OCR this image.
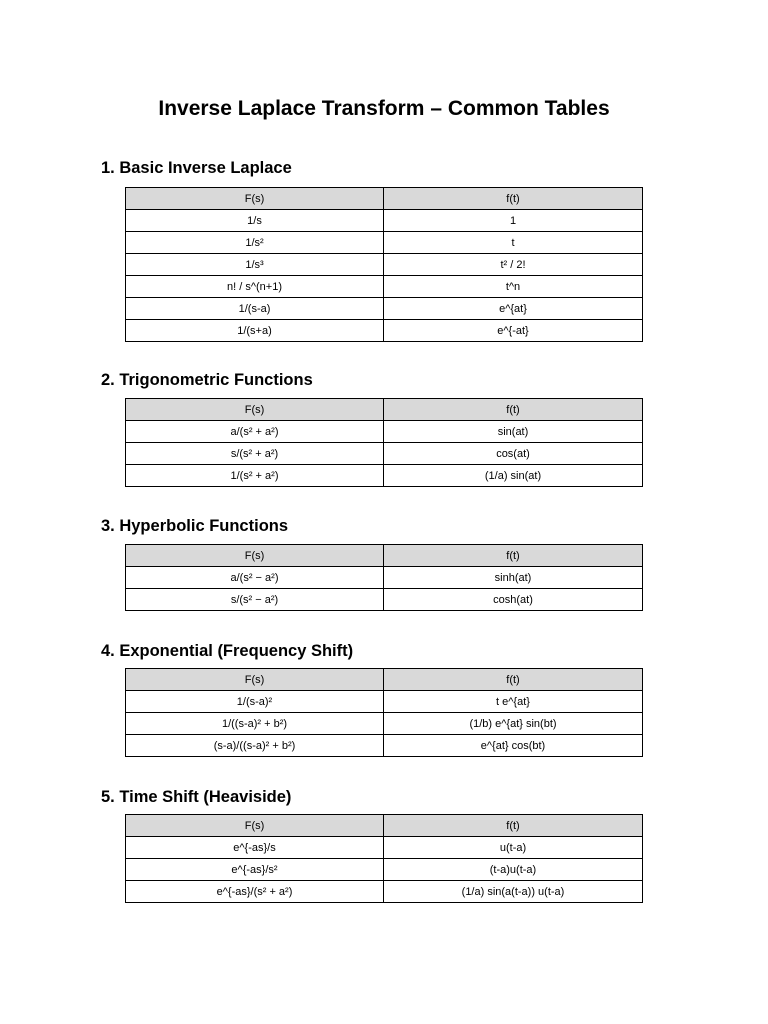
Inverse Laplace Transform – Common Tables
1. Basic Inverse Laplace
F(s)	f(t)
1/s	1
1/s²	t
1/s³	t² / 2!
n! / s^(n+1)	t^n
1/(s-a)	e^{at}
1/(s+a)	e^{-at}
2. Trigonometric Functions
F(s)	f(t)
a/(s² + a²)	sin(at)
s/(s² + a²)	cos(at)
1/(s² + a²)	(1/a) sin(at)
3. Hyperbolic Functions
F(s)	f(t)
a/(s² − a²)	sinh(at)
s/(s² − a²)	cosh(at)
4. Exponential (Frequency Shift)
F(s)	f(t)
1/(s-a)²	t e^{at}
1/((s-a)² + b²)	(1/b) e^{at} sin(bt)
(s-a)/((s-a)² + b²)	e^{at} cos(bt)
5. Time Shift (Heaviside)
F(s)	f(t)
e^{-as}/s	u(t-a)
e^{-as}/s²	(t-a)u(t-a)
e^{-as}/(s² + a²)	(1/a) sin(a(t-a)) u(t-a)
